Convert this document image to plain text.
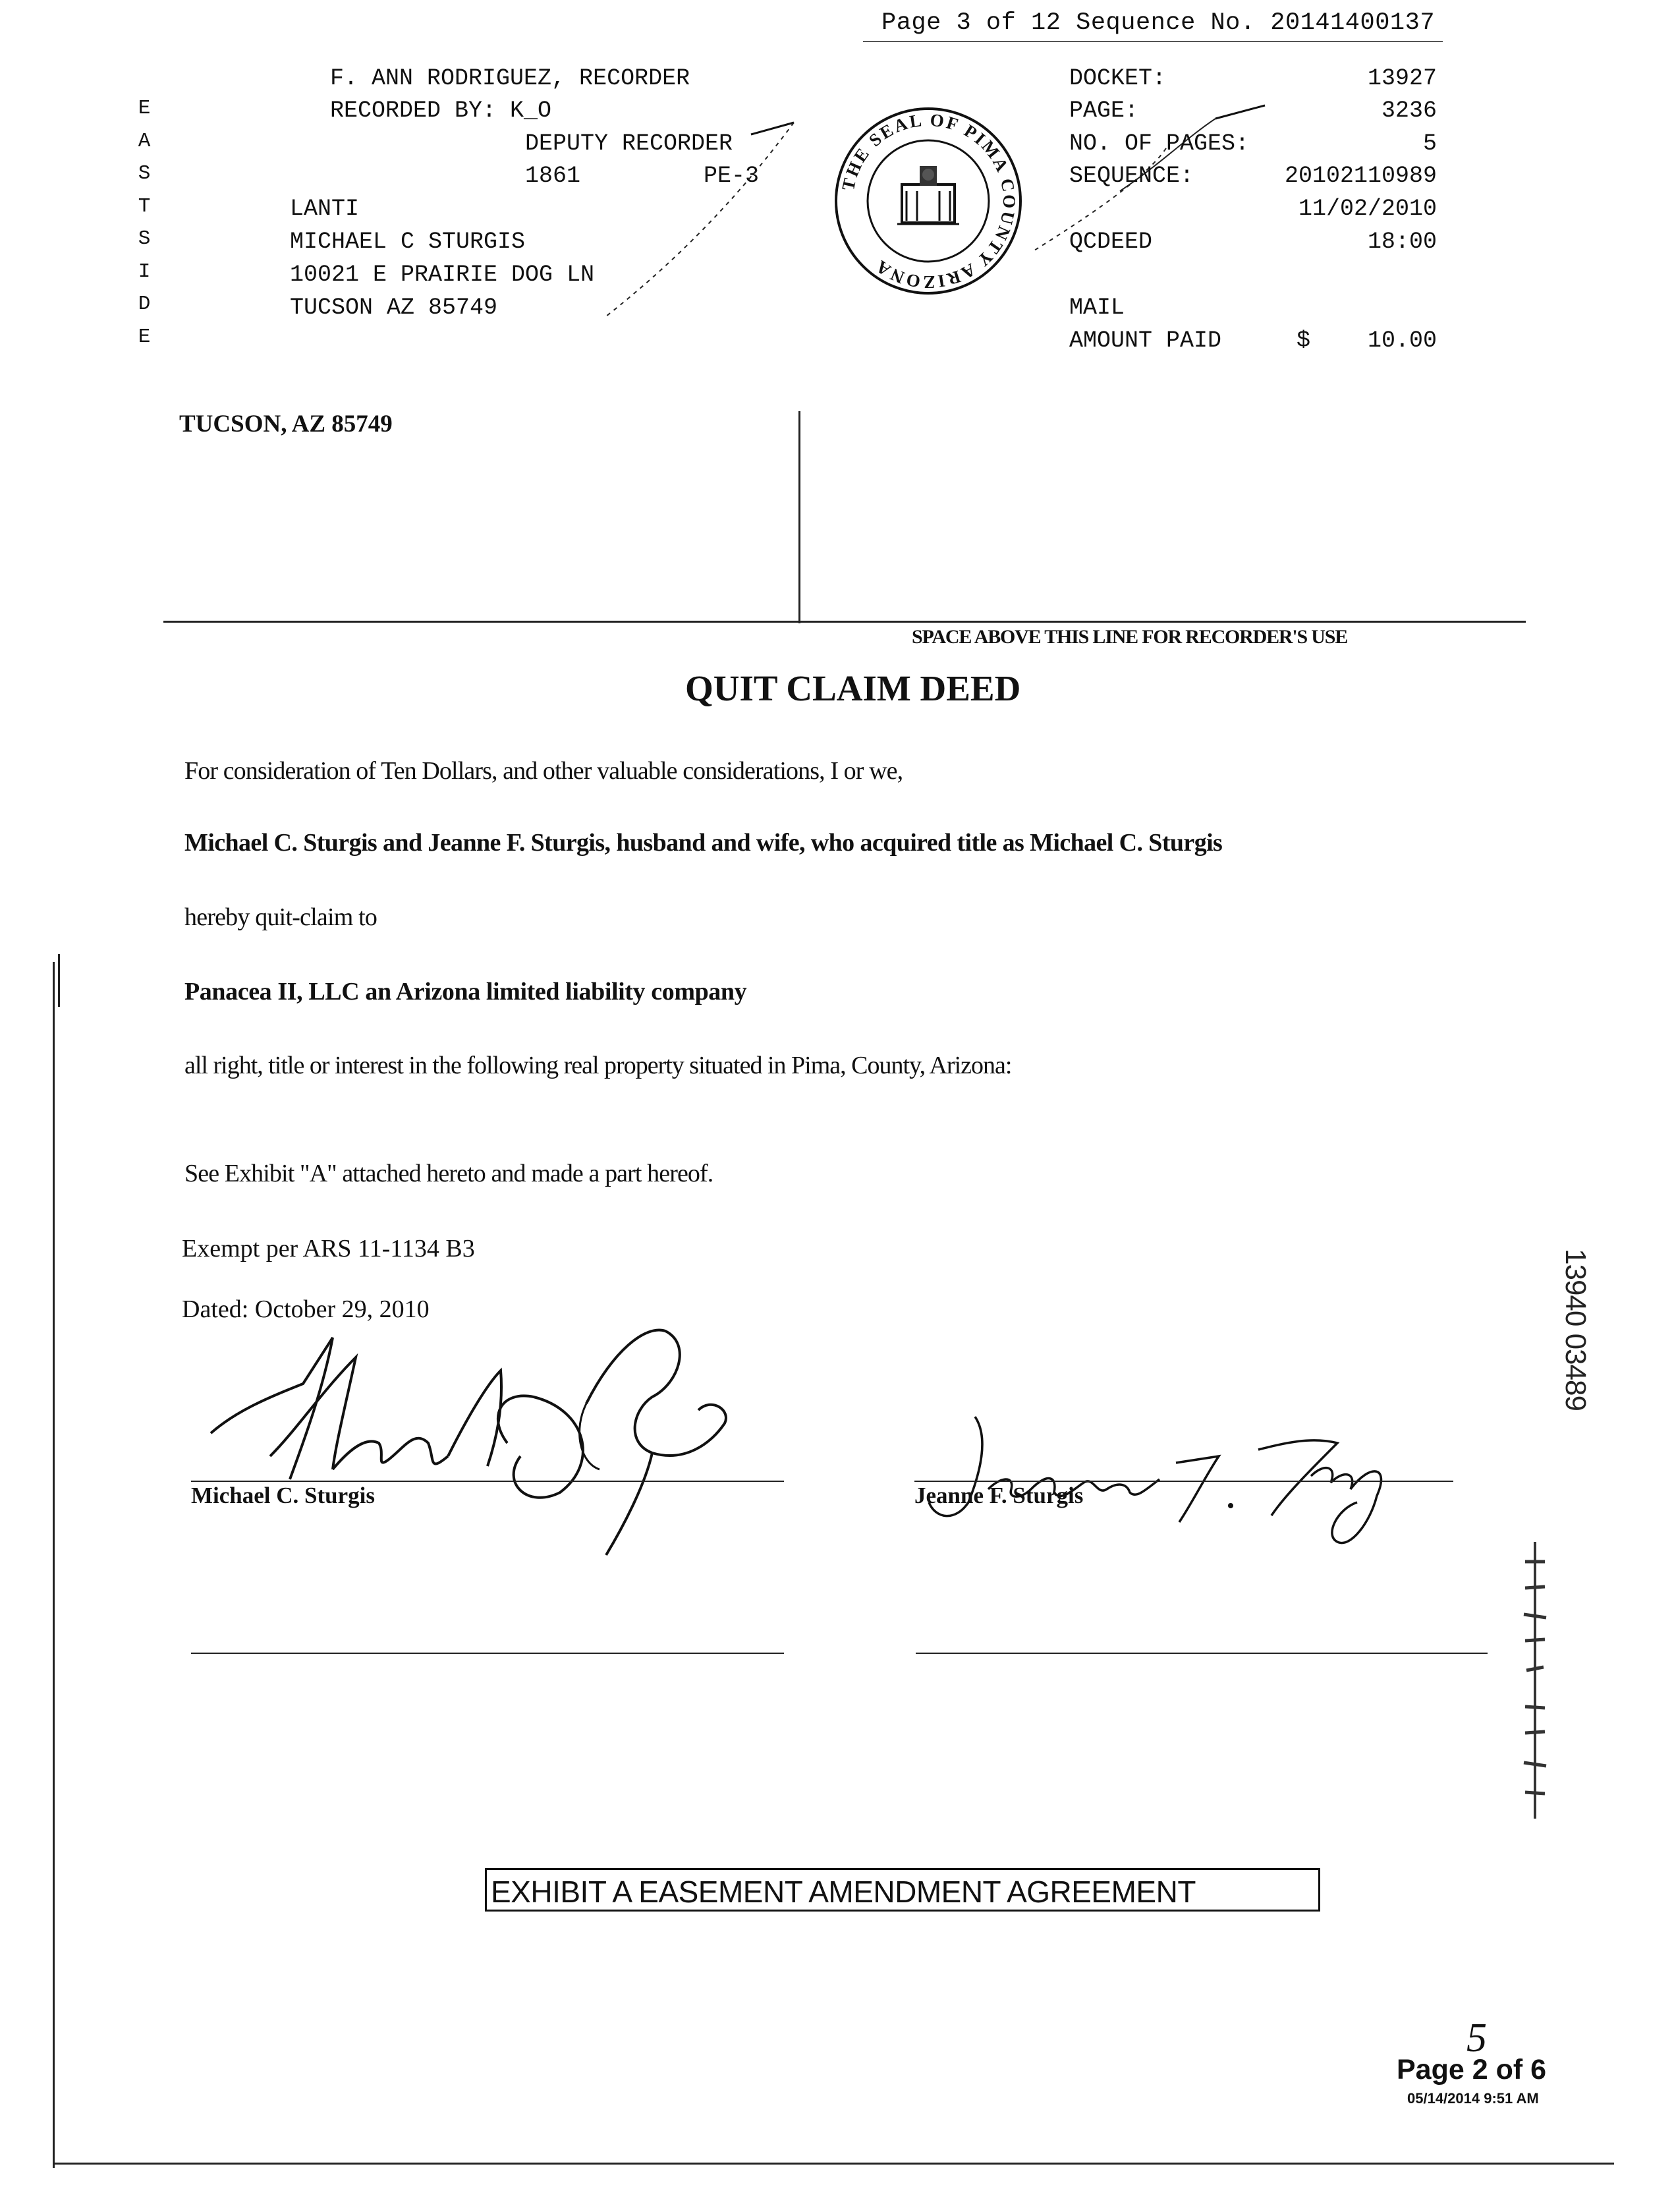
Page 3 of 12 Sequence No. 20141400137
E
A
S
T
S
I
D
E
F. ANN RODRIGUEZ, RECORDER
RECORDED BY: K_O
DEPUTY RECORDER
1861	PE-3
LANTI
MICHAEL C STURGIS
10021 E PRAIRIE DOG LN
TUCSON AZ 85749
THE SEAL OF PIMA COUNTY ARIZONA
DOCKET:	13927
PAGE:	3236
NO. OF PAGES:	5
SEQUENCE:	20102110989
11/02/2010
QCDEED	18:00
MAIL
AMOUNT PAID	$ 10.00
TUCSON, AZ 85749
SPACE ABOVE THIS LINE FOR RECORDER'S USE
QUIT CLAIM DEED
For consideration of Ten Dollars, and other valuable considerations, I or we,
Michael C. Sturgis and Jeanne F. Sturgis, husband and wife, who acquired title as Michael C. Sturgis
hereby quit-claim to
Panacea II, LLC an Arizona limited liability company
all right, title or interest in the following real property situated in Pima, County, Arizona:
See Exhibit "A" attached hereto and made a part hereof.
Exempt per ARS 11-1134 B3
Dated: October 29, 2010
Michael C. Sturgis	Jeanne F. Sturgis
13940 03489
EXHIBIT A EASEMENT AMENDMENT AGREEMENT
5
Page 2 of 6
05/14/2014 9:51 AM
